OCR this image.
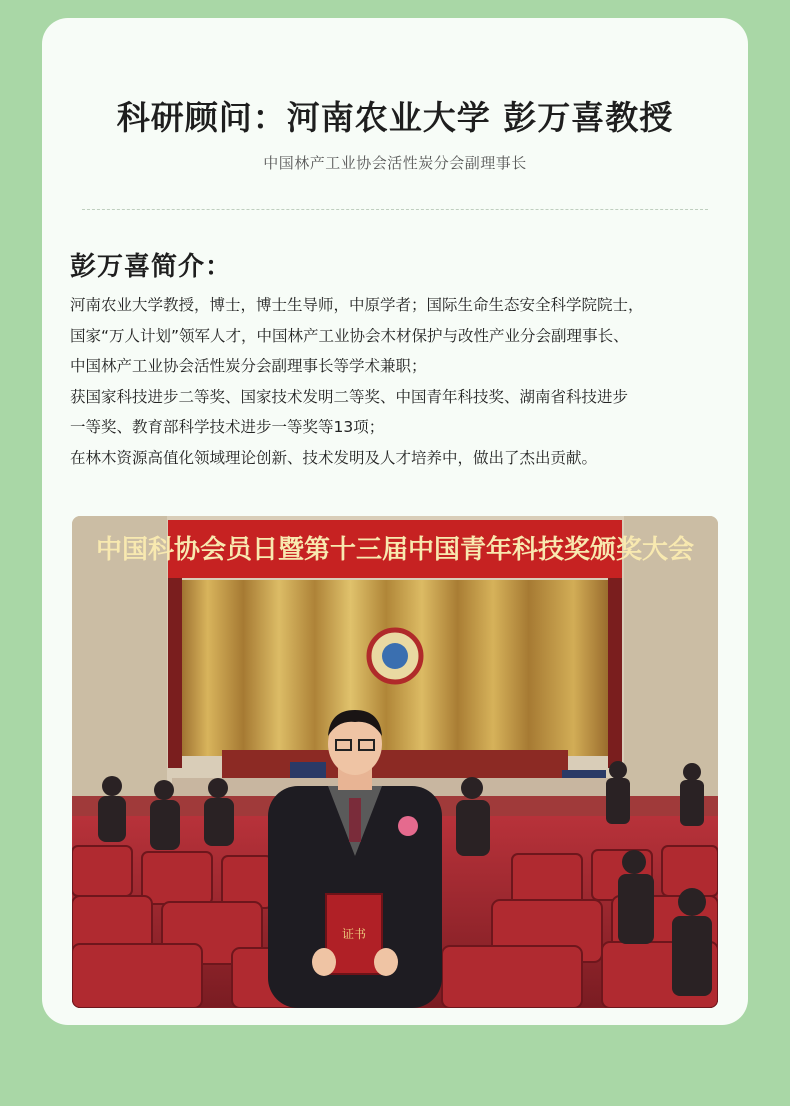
科研顾问：河南农业大学 彭万喜教授
中国林产工业协会活性炭分会副理事长
彭万喜简介：
河南农业大学教授，博士，博士生导师，中原学者；国际生命生态安全科学院院士，
国家“万人计划”领军人才，中国林产工业协会木材保护与改性产业分会副理事长、
中国林产工业协会活性炭分会副理事长等学术兼职；
获国家科技进步二等奖、国家技术发明二等奖、中国青年科技奖、湖南省科技进步
一等奖、教育部科学技术进步一等奖等13项；
在林木资源高值化领域理论创新、技术发明及人才培养中，做出了杰出贡献。
中国科协会员日暨第十三届中国青年科技奖颁奖大会
证书
